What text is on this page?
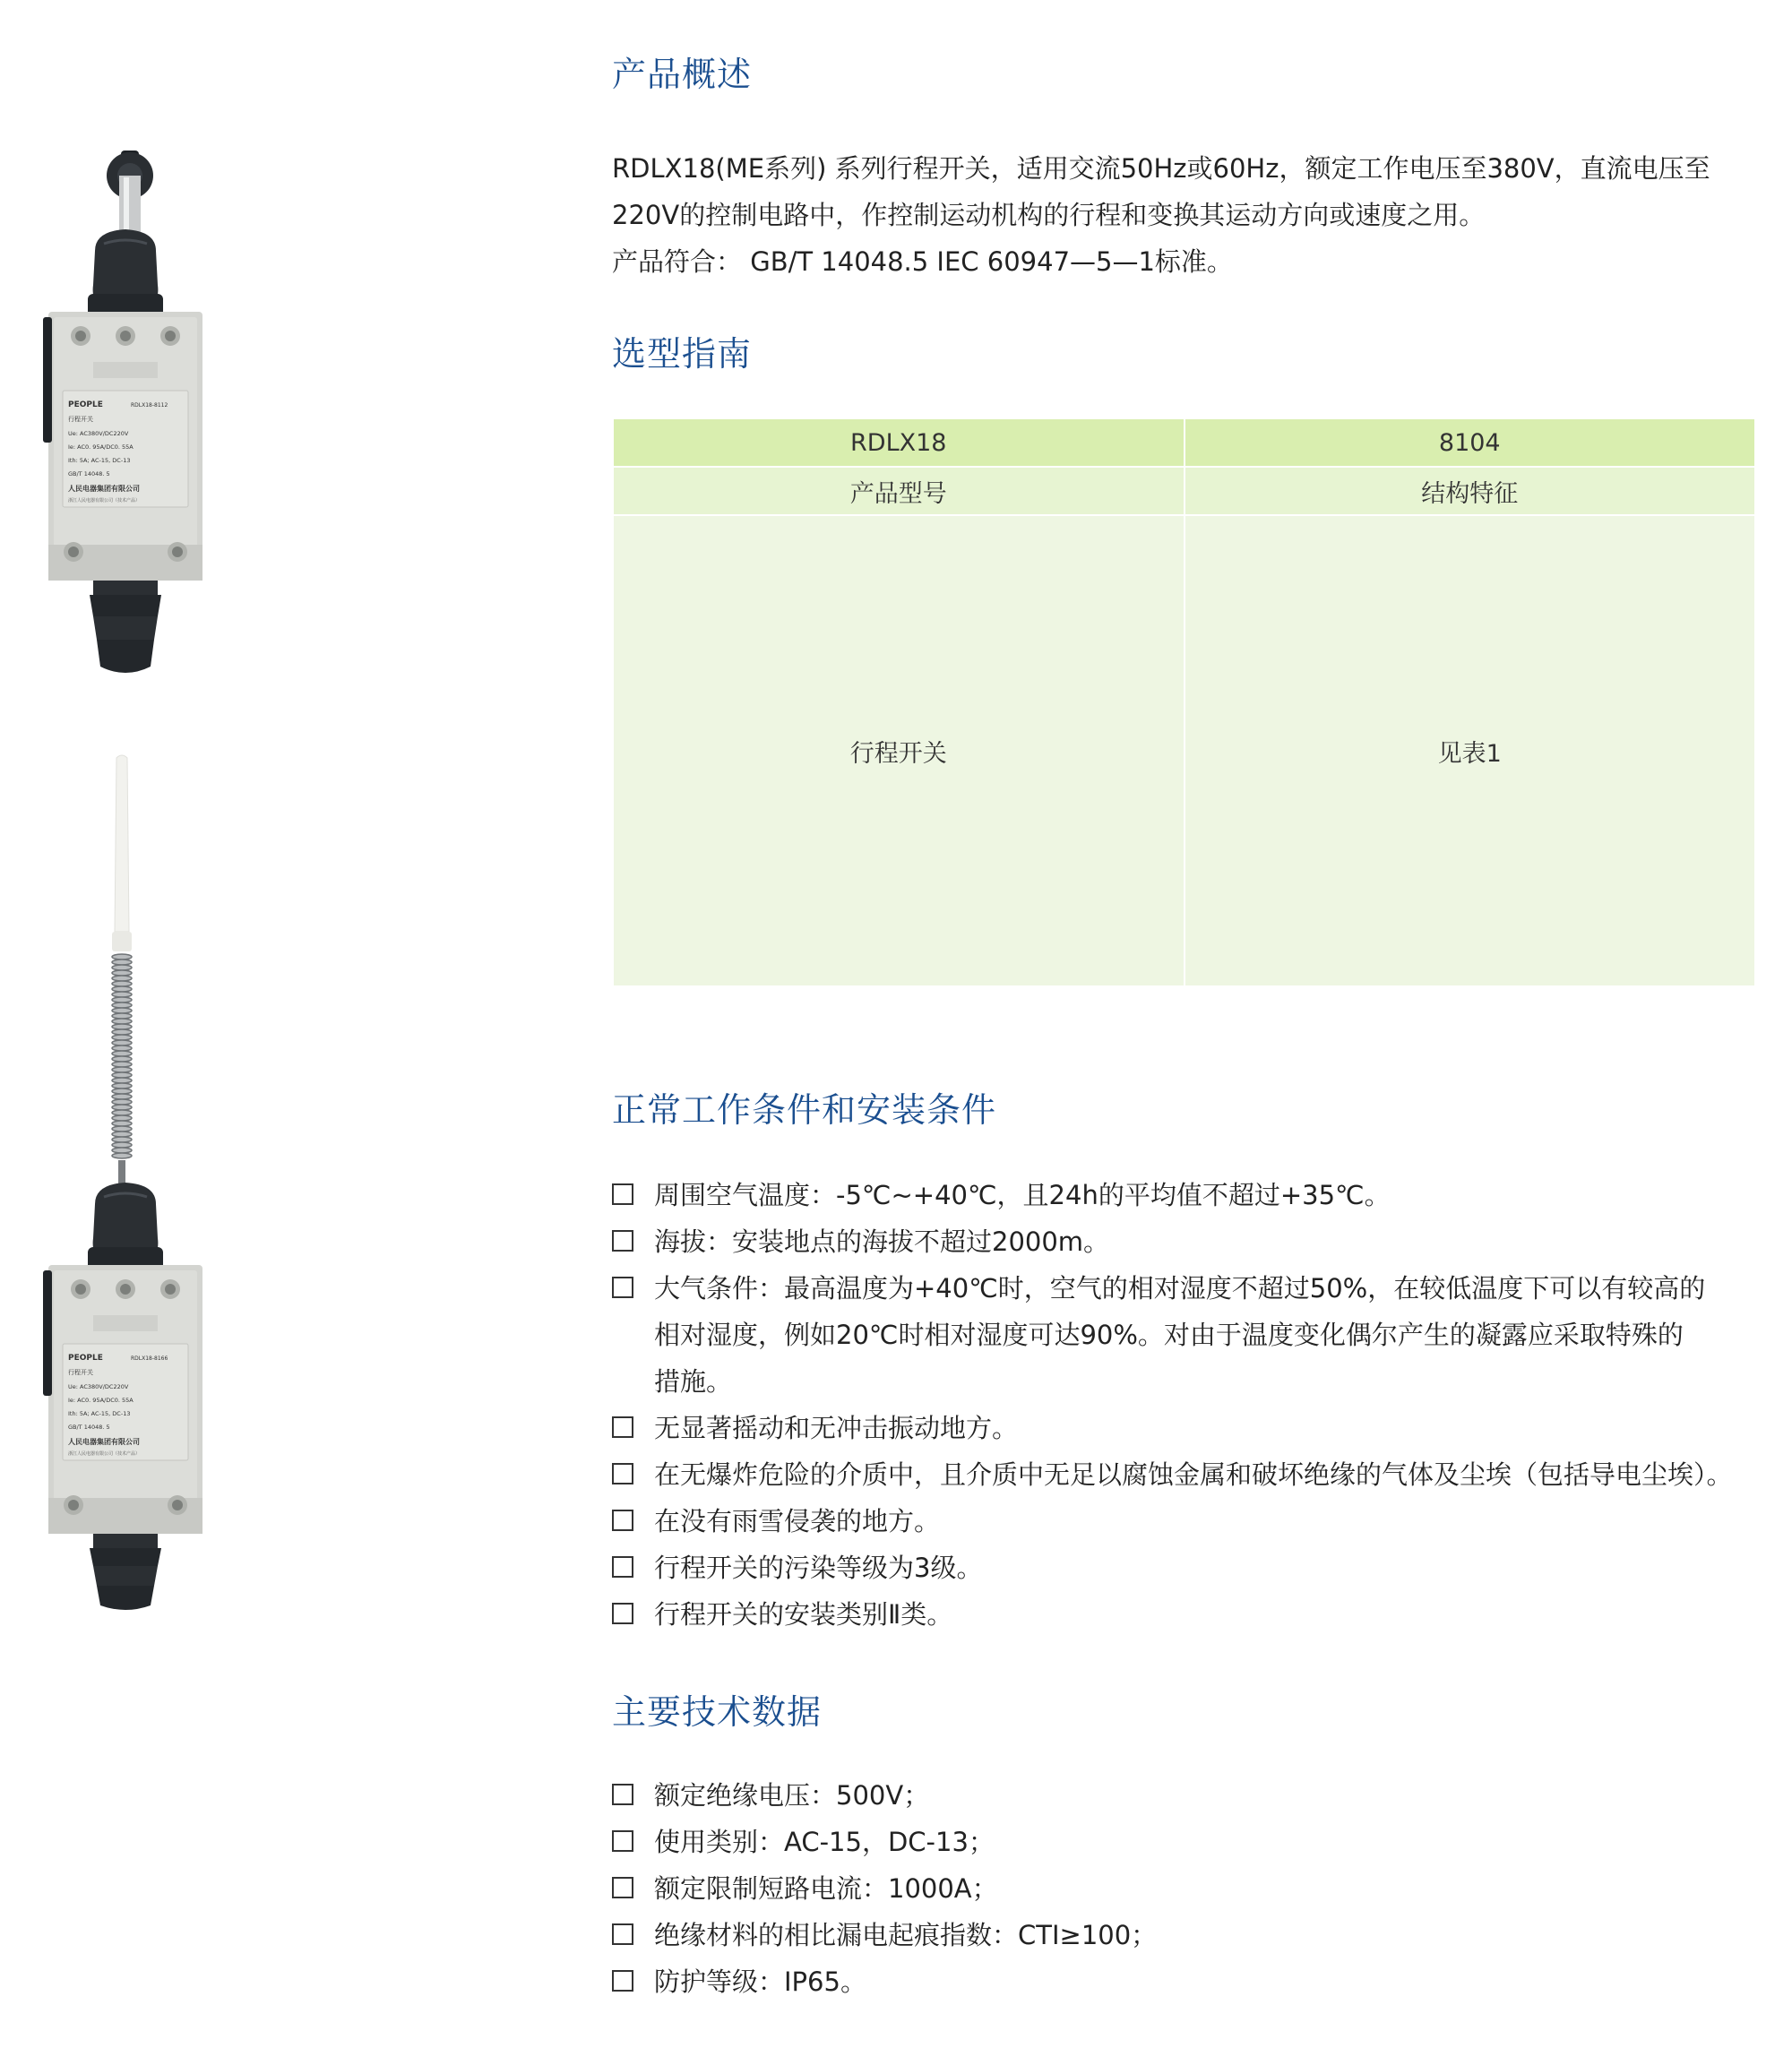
PEOPLE	RDLX18-8112
行程开关
Ue: AC380V/DC220V
Ie: AC0. 95A/DC0. 55A
Ith: 5A; AC-15, DC-13
GB/T 14048. 5
人民电器集团有限公司
浙江人民电器有限公司（技术产品）
PEOPLE	RDLX18-8166
行程开关
Ue: AC380V/DC220V
Ie: AC0. 95A/DC0. 55A
Ith: 5A; AC-15, DC-13
GB/T 14048. 5
人民电器集团有限公司
浙江人民电器有限公司（技术产品）
产品概述

RDLX18(ME系列) 系列行程开关，适用交流50Hz或60Hz，额定工作电压至380V，直流电压至

220V的控制电路中，作控制运动机构的行程和变换其运动方向或速度之用。

产品符合： GB/T 14048.5 IEC 60947—5—1标准。

选型指南
RDLX18	8104
产品型号	结构特征
行程开关	见表1
正常工作条件和安装条件
周围空气温度：-5℃~+40℃，且24h的平均值不超过+35℃。
海拔：安装地点的海拔不超过2000m。
大气条件：最高温度为+40℃时，空气的相对湿度不超过50%，在较低温度下可以有较高的
相对湿度，例如20℃时相对湿度可达90%。对由于温度变化偶尔产生的凝露应采取特殊的
措施。
无显著摇动和无冲击振动地方。
在无爆炸危险的介质中，且介质中无足以腐蚀金属和破坏绝缘的气体及尘埃（包括导电尘埃）。
在没有雨雪侵袭的地方。
行程开关的污染等级为3级。
行程开关的安装类别Ⅱ类。
主要技术数据
额定绝缘电压：500V；
使用类别：AC-15，DC-13；
额定限制短路电流：1000A；
绝缘材料的相比漏电起痕指数：CTI≥100；
防护等级：IP65。
